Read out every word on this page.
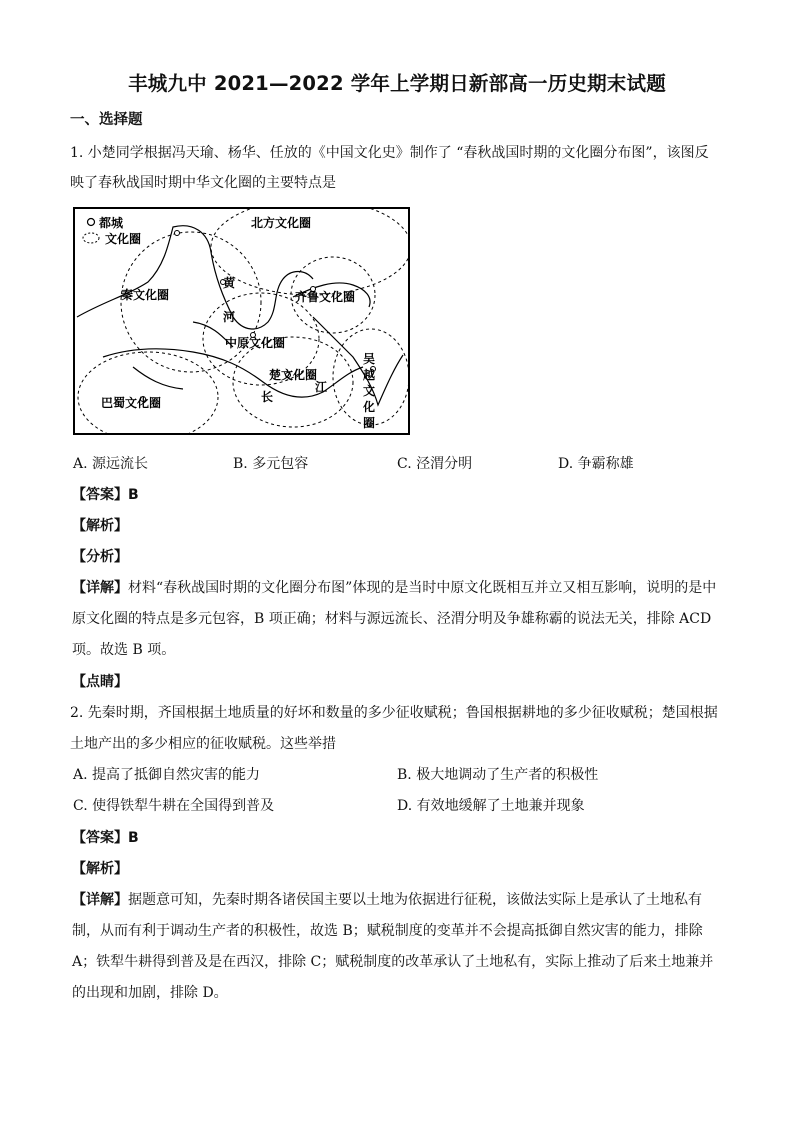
丰城九中 2021—2022 学年上学期日新部高一历史期末试题
一、选择题
1. 小楚同学根据冯天瑜、杨华、任放的《中国文化史》制作了 “春秋战国时期的文化圈分布图”，该图反
映了春秋战国时期中华文化圈的主要特点是
都城
文化圈
北方文化圈
秦文化圈	齐鲁文化圈
中原文化圈
楚文化圈
巴蜀文化圈
黄
河
长
江
吴
越
文
化
圈
A. 源远流长	B. 多元包容	C. 泾渭分明	D. 争霸称雄
【答案】B
【解析】
【分析】
【详解】材料“春秋战国时期的文化圈分布图”体现的是当时中原文化既相互并立又相互影响，说明的是中
原文化圈的特点是多元包容，B 项正确；材料与源远流长、泾渭分明及争雄称霸的说法无关，排除 ACD
项。故选 B 项。
【点睛】
2. 先秦时期，齐国根据土地质量的好坏和数量的多少征收赋税；鲁国根据耕地的多少征收赋税；楚国根据
土地产出的多少相应的征收赋税。这些举措
A. 提高了抵御自然灾害的能力	B. 极大地调动了生产者的积极性
C. 使得铁犁牛耕在全国得到普及	D. 有效地缓解了土地兼并现象
【答案】B
【解析】
【详解】据题意可知，先秦时期各诸侯国主要以土地为依据进行征税，该做法实际上是承认了土地私有
制，从而有利于调动生产者的积极性，故选 B；赋税制度的变革并不会提高抵御自然灾害的能力，排除
A；铁犁牛耕得到普及是在西汉，排除 C；赋税制度的改革承认了土地私有，实际上推动了后来土地兼并
的出现和加剧，排除 D。
